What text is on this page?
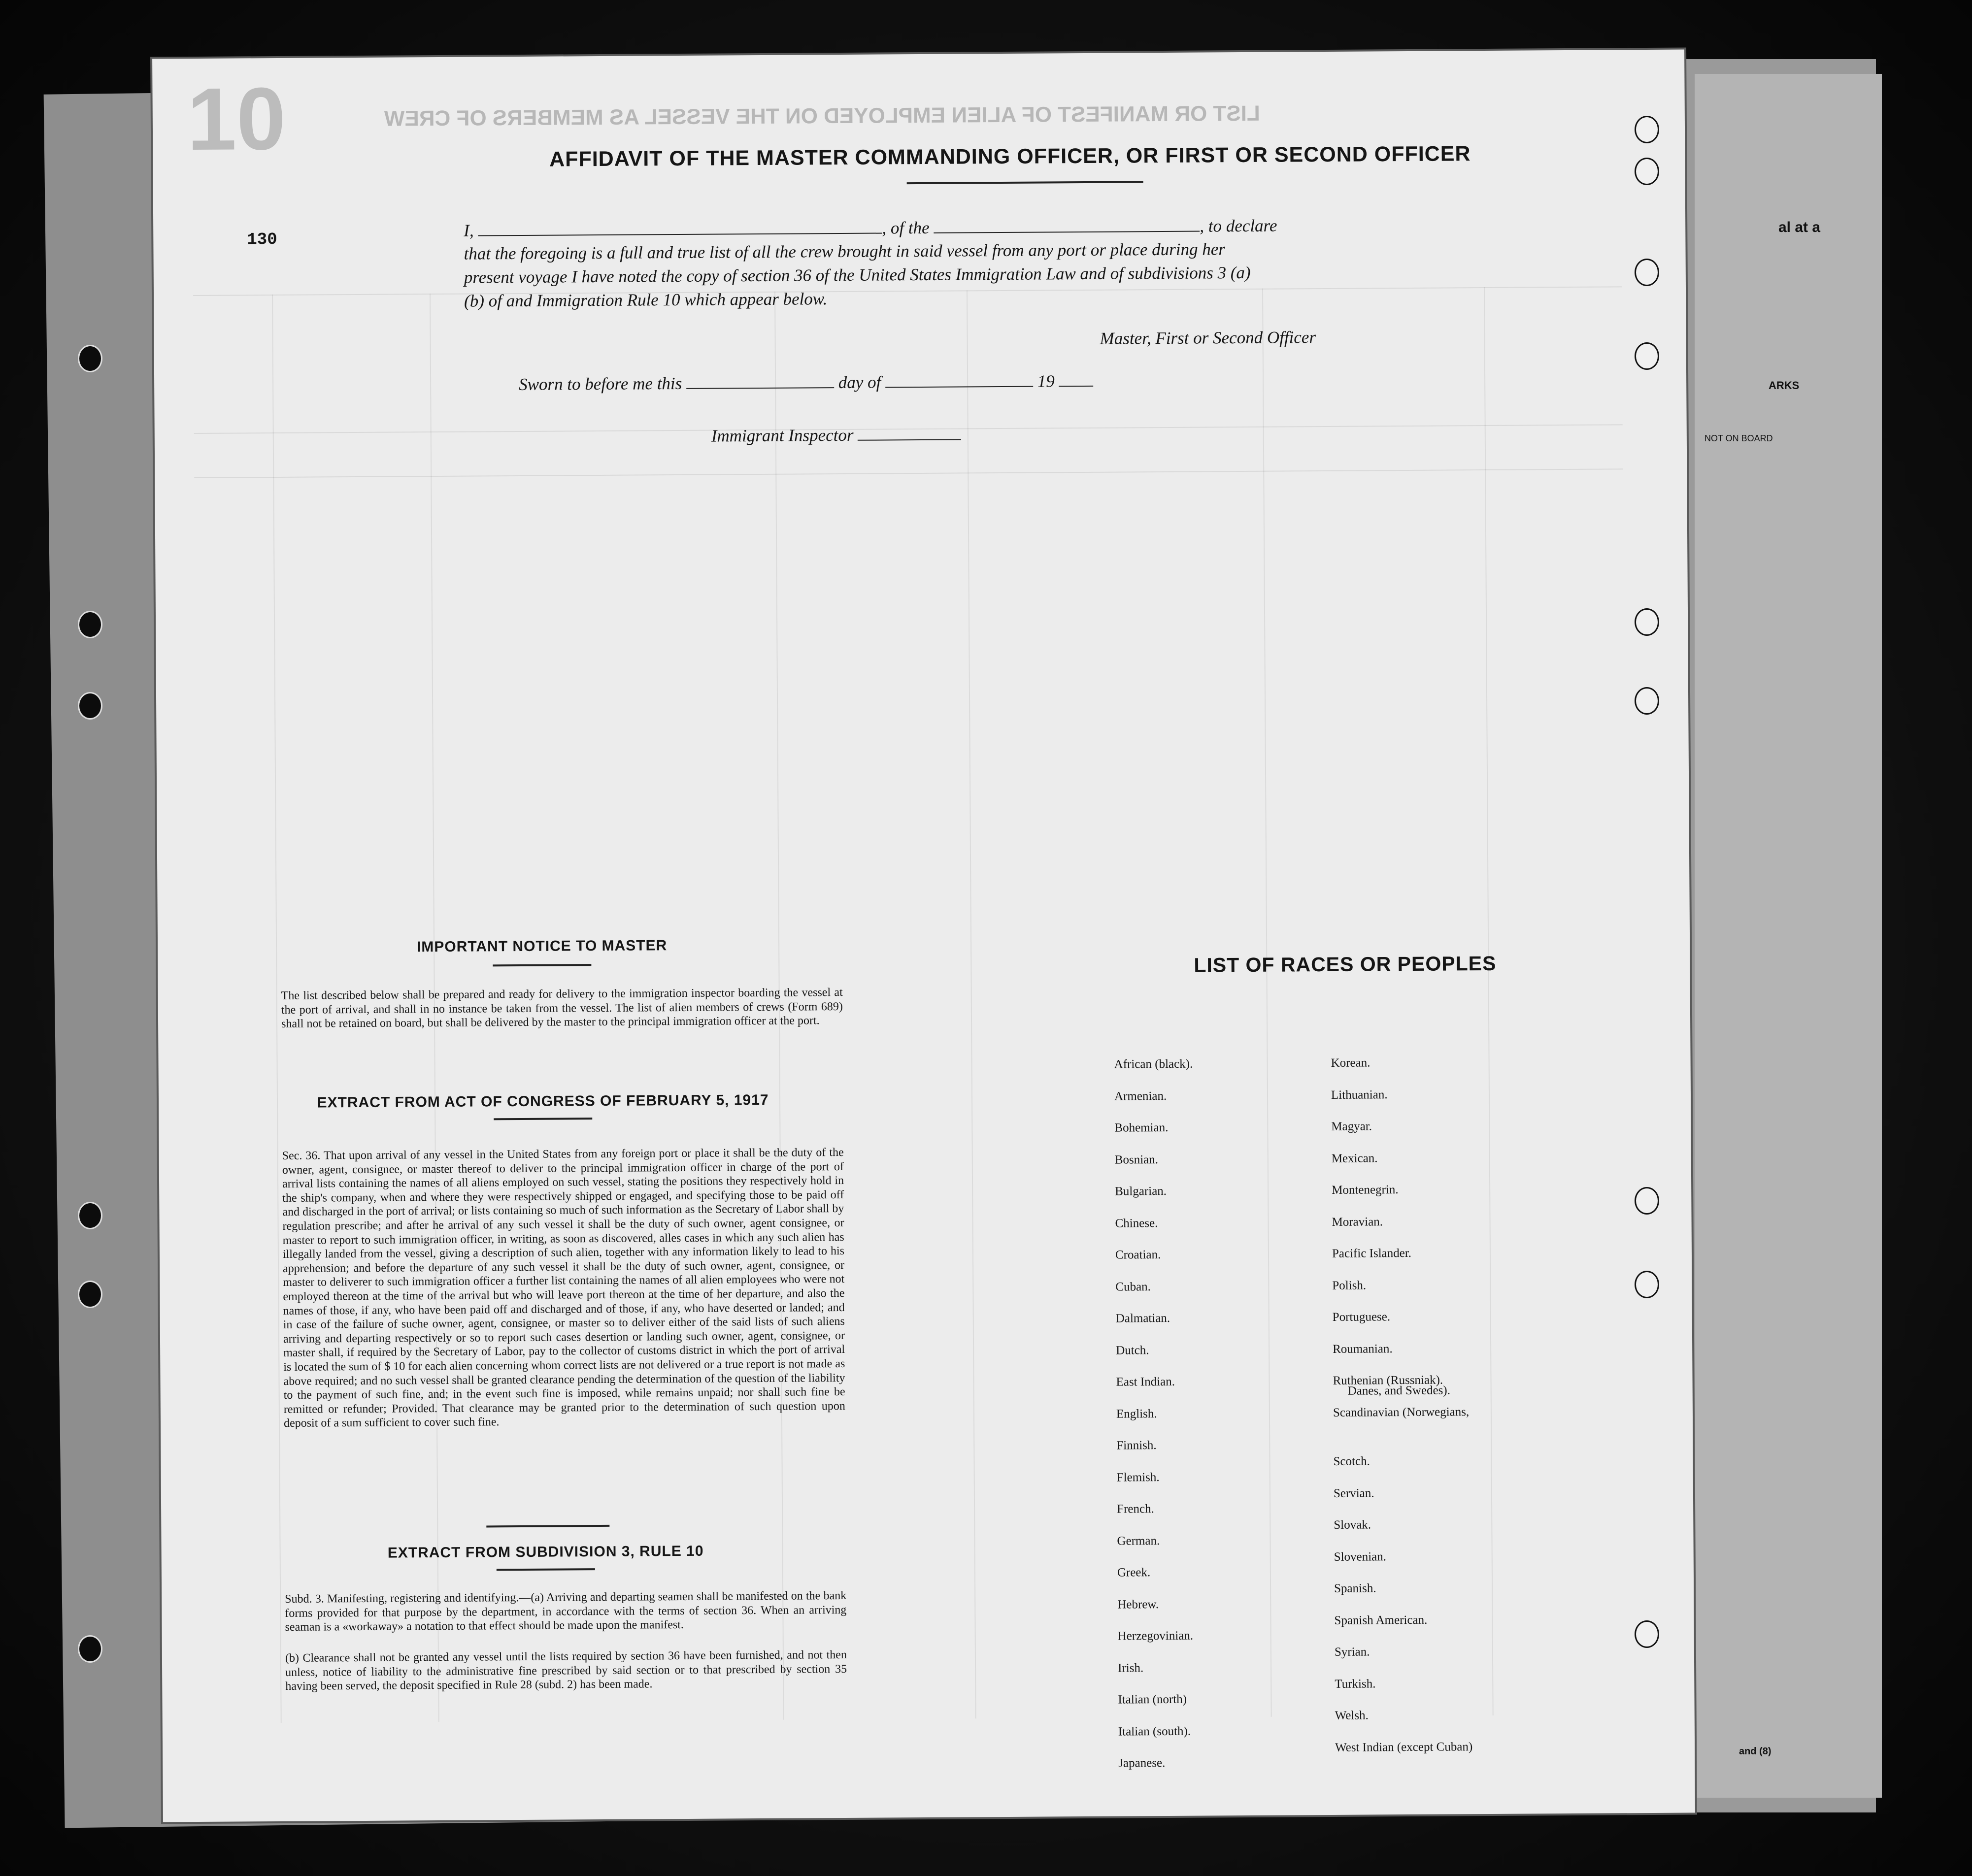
al at a
ARKS
and (8)
NOT ON BOARD
LIST OR MANIFEST OF ALIEN EMPLOYED ON THE VESSEL AS MEMBERS OF CREW
10
130
AFFIDAVIT OF THE MASTER COMMANDING OFFICER, OR FIRST OR SECOND OFFICER
I,	, of the	, to declare
that the foregoing is a full and true list of all the crew brought in said vessel from any port or place during her
present voyage I have noted the copy of section 36 of the United States Immigration Law and of subdivisions 3 (a)
(b) of and Immigration Rule 10 which appear below.
Master, First or Second Officer
Sworn to before me this	day of	19
Immigrant Inspector
IMPORTANT NOTICE TO MASTER
The list described below shall be prepared and ready for delivery to the immigration inspector boarding the vessel at the port of arrival, and shall in no instance be taken from the vessel. The list of alien members of crews (Form 689) shall not be retained on board, but shall be delivered by the master to the principal immigration officer at the port.
EXTRACT FROM ACT OF CONGRESS OF FEBRUARY 5, 1917
Sec. 36. That upon arrival of any vessel in the United States from any foreign port or place it shall be the duty of the owner, agent, consignee, or master thereof to deliver to the principal immigration officer in charge of the port of arrival lists containing the names of all aliens employed on such vessel, stating the positions they respectively hold in the ship's company, when and where they were respectively shipped or engaged, and specifying those to be paid off and discharged in the port of arrival; or lists containing so much of such information as the Secretary of Labor shall by regulation prescribe; and after he arrival of any such vessel it shall be the duty of such owner, agent consignee, or master to report to such immigration officer, in writing, as soon as discovered, alles cases in which any such alien has illegally landed from the vessel, giving a description of such alien, together with any information likely to lead to his apprehension; and before the departure of any such vessel it shall be the duty of such owner, agent, consignee, or master to deliverer to such immigration officer a further list containing the names of all alien employees who were not employed thereon at the time of the arrival but who will leave port thereon at the time of her departure, and also the names of those, if any, who have been paid off and discharged and of those, if any, who have deserted or landed; and in case of the failure of suche owner, agent, consignee, or master so to deliver either of the said lists of such aliens arriving and departing respectively or so to report such cases desertion or landing such owner, agent, consignee, or master shall, if required by the Secretary of Labor, pay to the collector of customs district in which the port of arrival is located the sum of $ 10 for each alien concerning whom correct lists are not delivered or a true report is not made as above required; and no such vessel shall be granted clearance pending the determination of the question of the liability to the payment of such fine, and; in the event such fine is imposed, while remains unpaid; nor shall such fine be remitted or refunder; Provided. That clearance may be granted prior to the determination of such question upon deposit of a sum sufficient to cover such fine.
EXTRACT FROM SUBDIVISION 3, RULE 10
Subd. 3. Manifesting, registering and identifying.—(a) Arriving and departing seamen shall be manifested on the bank forms provided for that purpose by the department, in accordance with the terms of section 36. When an arriving seaman is a «workaway» a notation to that effect should be made upon the manifest.
(b) Clearance shall not be granted any vessel until the lists required by section 36 have been furnished, and not then unless, notice of liability to the administrative fine prescribed by said section or to that prescribed by section 35 having been served, the deposit specified in Rule 28 (subd. 2) has been made.
LIST OF RACES OR PEOPLES
Danes, and Swedes).
African (black).
Armenian.
Bohemian.
Bosnian.
Bulgarian.
Chinese.
Croatian.
Cuban.
Dalmatian.
Dutch.
East Indian.
English.
Finnish.
Flemish.
French.
German.
Greek.
Hebrew.
Herzegovinian.
Irish.
Italian (north)
Italian (south).
Japanese.
Korean.
Lithuanian.
Magyar.
Mexican.
Montenegrin.
Moravian.
Pacific Islander.
Polish.
Portuguese.
Roumanian.
Ruthenian (Russniak).
Scandinavian (Norwegians,
Scotch.
Servian.
Slovak.
Slovenian.
Spanish.
Spanish American.
Syrian.
Turkish.
Welsh.
West Indian (except Cuban)
